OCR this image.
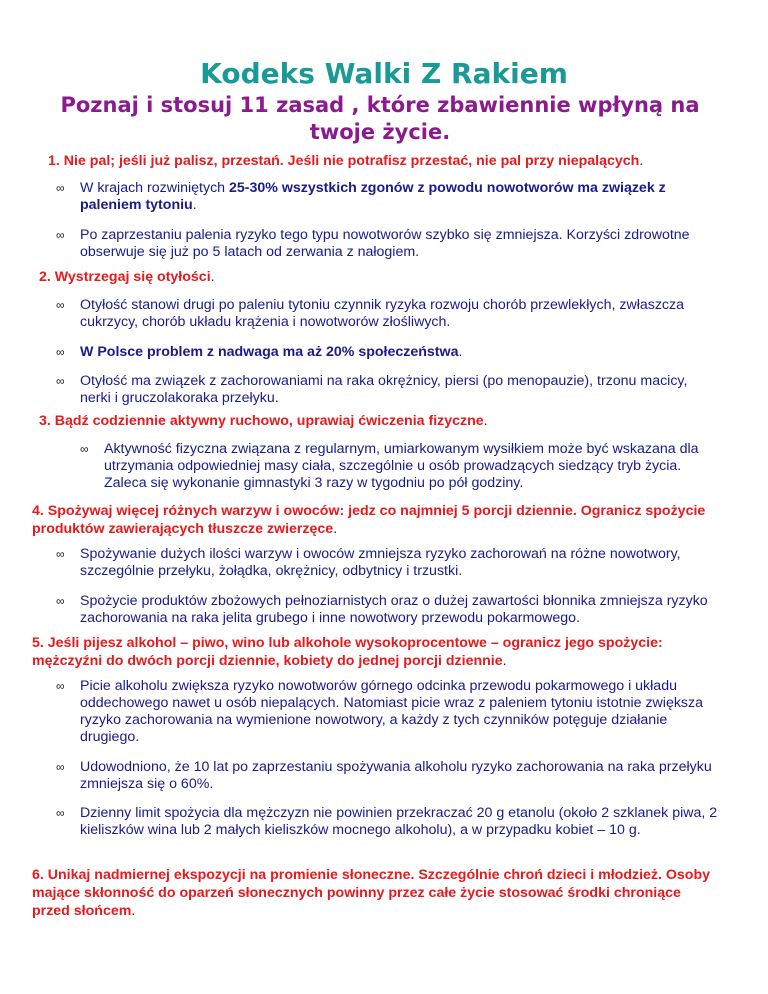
Kodeks Walki Z Rakiem
Poznaj i stosuj 11 zasad , które zbawiennie wpłyną na twoje życie.

1. Nie pal; jeśli już palisz, przestań. Jeśli nie potrafisz przestać, nie pal przy niepalących.

∞ W krajach rozwiniętych 25-30% wszystkich zgonów z powodu nowotworów ma związek z paleniem tytoniu.

∞ Po zaprzestaniu palenia ryzyko tego typu nowotworów szybko się zmniejsza. Korzyści zdrowotne obserwuje się już po 5 latach od zerwania z nałogiem.

2. Wystrzegaj się otyłości.

∞ Otyłość stanowi drugi po paleniu tytoniu czynnik ryzyka rozwoju chorób przewlekłych, zwłaszcza cukrzycy, chorób układu krążenia i nowotworów złośliwych.

∞ W Polsce problem z nadwaga ma aż 20% społeczeństwa.

∞ Otyłość ma związek z zachorowaniami na raka okrężnicy, piersi (po menopauzie), trzonu macicy, nerki i gruczolakoraka przełyku.

3. Bądź codziennie aktywny ruchowo, uprawiaj ćwiczenia fizyczne.

∞ Aktywność fizyczna związana z regularnym, umiarkowanym wysiłkiem może być wskazana dla utrzymania odpowiedniej masy ciała, szczególnie u osób prowadzących siedzący tryb życia. Zaleca się wykonanie gimnastyki 3 razy w tygodniu po pół godziny.

4. Spożywaj więcej różnych warzyw i owoców: jedz co najmniej 5 porcji dziennie. Ogranicz spożycie produktów zawierających tłuszcze zwierzęce.

∞ Spożywanie dużych ilości warzyw i owoców zmniejsza ryzyko zachorowań na różne nowotwory, szczególnie przełyku, żołądka, okrężnicy, odbytnicy i trzustki.

∞ Spożycie produktów zbożowych pełnoziarnistych oraz o dużej zawartości błonnika zmniejsza ryzyko zachorowania na raka jelita grubego i inne nowotwory przewodu pokarmowego.

5. Jeśli pijesz alkohol – piwo, wino lub alkohole wysokoprocentowe – ogranicz jego spożycie: mężczyźni do dwóch porcji dziennie, kobiety do jednej porcji dziennie.

∞ Picie alkoholu zwiększa ryzyko nowotworów górnego odcinka przewodu pokarmowego i układu oddechowego nawet u osób niepalących. Natomiast picie wraz z paleniem tytoniu istotnie zwiększa ryzyko zachorowania na wymienione nowotwory, a każdy z tych czynników potęguje działanie drugiego.

∞ Udowodniono, że 10 lat po zaprzestaniu spożywania alkoholu ryzyko zachorowania na raka przełyku zmniejsza się o 60%.

∞ Dzienny limit spożycia dla mężczyzn nie powinien przekraczać 20 g etanolu (około 2 szklanek piwa, 2 kieliszków wina lub 2 małych kieliszków mocnego alkoholu), a w przypadku kobiet – 10 g.

6. Unikaj nadmiernej ekspozycji na promienie słoneczne. Szczególnie chroń dzieci i młodzież. Osoby mające skłonność do oparzeń słonecznych powinny przez całe życie stosować środki chroniące przed słońcem.
